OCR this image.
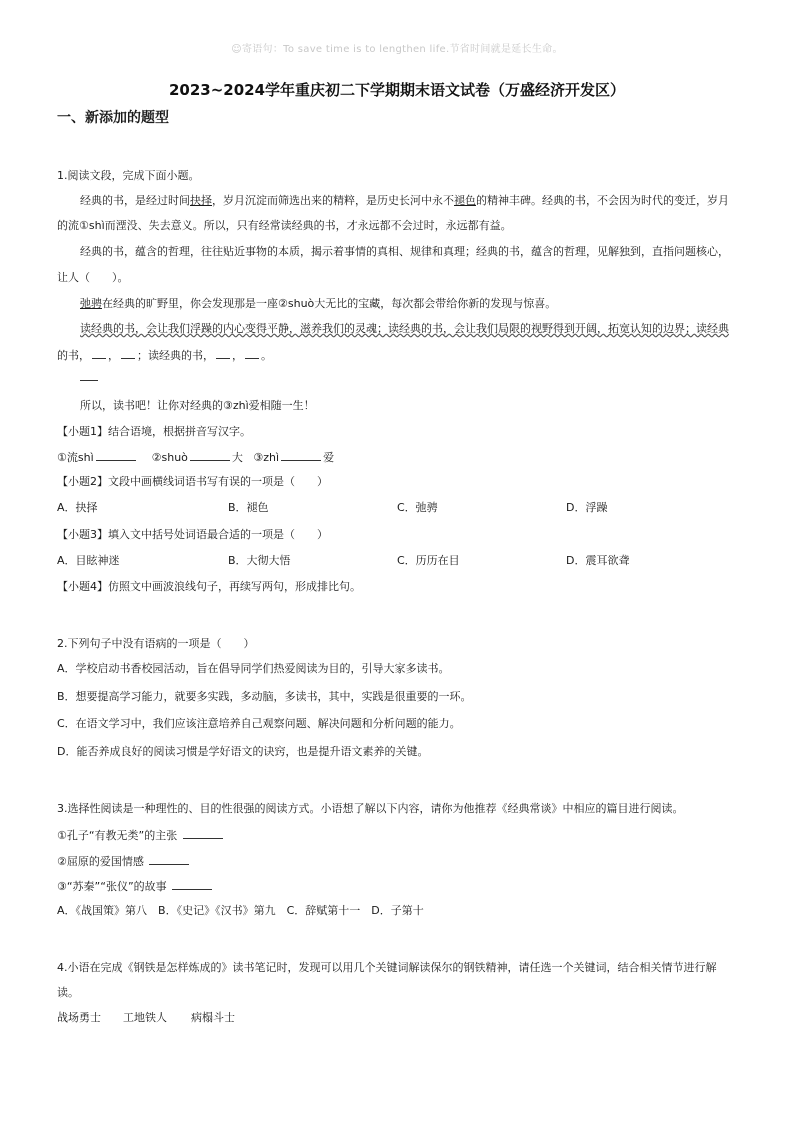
☺寄语句：To save time is to lengthen life.节省时间就是延长生命。
2023~2024学年重庆初二下学期期末语文试卷（万盛经济开发区）
一、新添加的题型
1.阅读文段，完成下面小题。
经典的书，是经过时间抉择，岁月沉淀而筛选出来的精粹，是历史长河中永不褪色的精神丰碑。经典的书，不会因为时代的变迁，岁月
的流①shì而湮没、失去意义。所以，只有经常读经典的书，才永远都不会过时，永远都有益。
经典的书，蕴含的哲理，往往贴近事物的本质，揭示着事情的真相、规律和真理；经典的书，蕴含的哲理，见解独到，直指问题核心，
让人（　　）。
弛骋在经典的旷野里，你会发现那是一座②shuò大无比的宝藏，每次都会带给你新的发现与惊喜。
读经典的书，会让我们浮躁的内心变得平静，滋养我们的灵魂；读经典的书，会让我们局限的视野得到开阔，拓宽认知的边界；读经典
的书， ， ；读经典的书， ， 。
所以，读书吧！让你对经典的③zhì爱相随一生！
【小题1】结合语境，根据拼音写汉字。
①流shì	②shuò	大 ③zhì	爱
【小题2】文段中画横线词语书写有误的一项是（　　）
A．抉择	B．褪色	C．弛骋	D．浮躁
【小题3】填入文中括号处词语最合适的一项是（　　）
A．目眩神迷	B．大彻大悟	C．历历在目	D．震耳欲聋
【小题4】仿照文中画波浪线句子，再续写两句，形成排比句。
2.下列句子中没有语病的一项是（　　）
A．学校启动书香校园活动，旨在倡导同学们热爱阅读为目的，引导大家多读书。
B．想要提高学习能力，就要多实践，多动脑，多读书，其中，实践是很重要的一环。
C．在语文学习中，我们应该注意培养自己观察问题、解决问题和分析问题的能力。
D．能否养成良好的阅读习惯是学好语文的诀窍，也是提升语文素养的关键。
3.选择性阅读是一种理性的、目的性很强的阅读方式。小语想了解以下内容，请你为他推荐《经典常谈》中相应的篇目进行阅读。
①孔子“有教无类”的主张
②屈原的爱国情感
③“苏秦”“张仪”的故事
A．《战国策》第八　B．《史记》《汉书》第九　C．辞赋第十一　D．子第十
4.小语在完成《钢铁是怎样炼成的》读书笔记时，发现可以用几个关键词解读保尔的钢铁精神，请任选一个关键词，结合相关情节进行解
读。
战场勇士 工地铁人 病榻斗士
